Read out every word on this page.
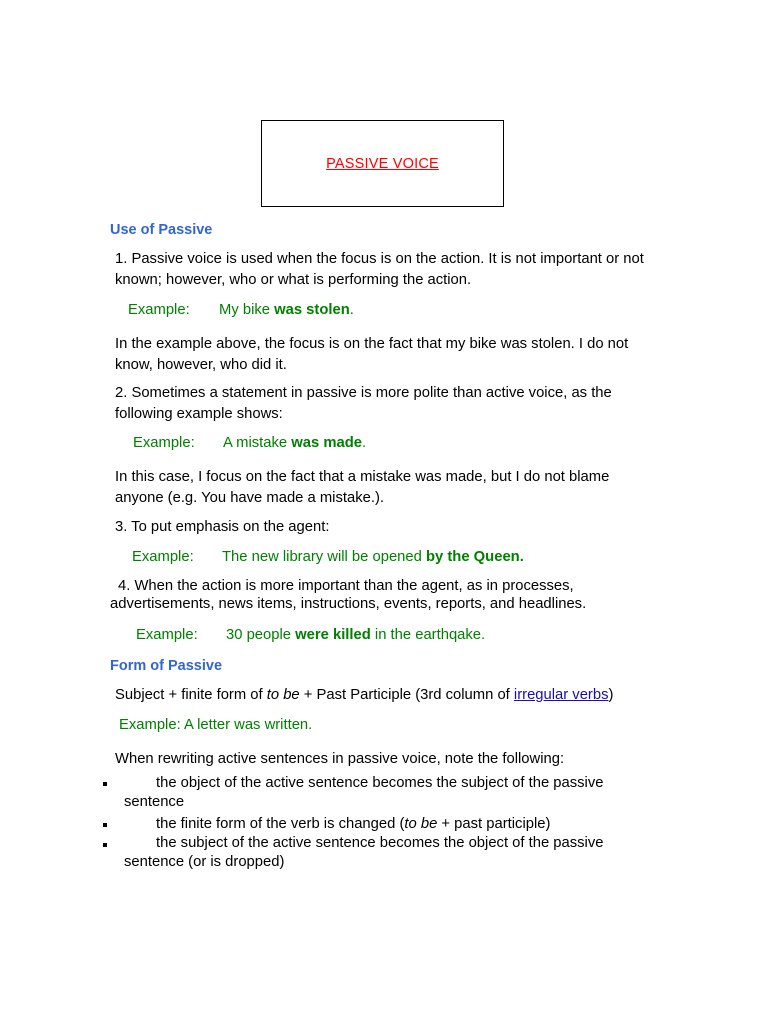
PASSIVE VOICE
Use of Passive

1. Passive voice is used when the focus is on the action. It is not important or not known; however, who or what is performing the action.

Example: My bike was stolen.

In the example above, the focus is on the fact that my bike was stolen. I do not know, however, who did it.

2. Sometimes a statement in passive is more polite than active voice, as the following example shows:

Example: A mistake was made.

In this case, I focus on the fact that a mistake was made, but I do not blame anyone (e.g. You have made a mistake.).

3. To put emphasis on the agent:

Example: The new library will be opened by the Queen.

4. When the action is more important than the agent, as in processes, advertisements, news items, instructions, events, reports, and headlines.

Example: 30 people were killed in the earthqake.
Form of Passive
Subject + finite form of to be + Past Participle (3rd column of irregular verbs)
Example: A letter was written.

When rewriting active sentences in passive voice, note the following:

the object of the active sentence becomes the subject of the passive sentence

the finite form of the verb is changed (to be + past participle)

the subject of the active sentence becomes the object of the passive sentence (or is dropped)
